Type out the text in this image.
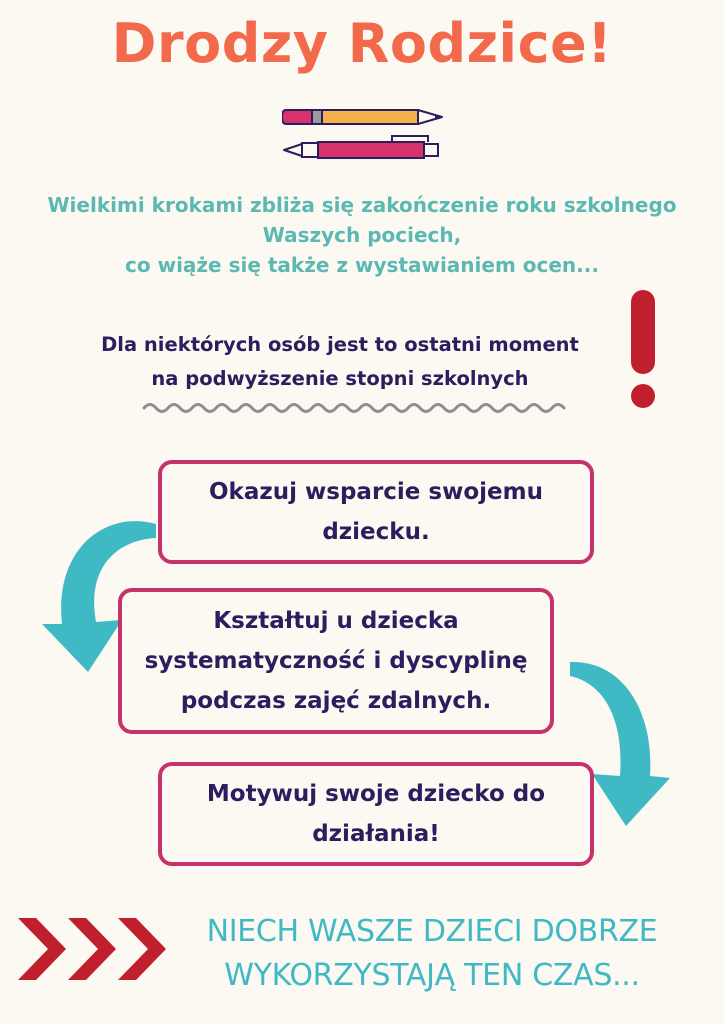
Drodzy Rodzice!

Wielkimi krokami zbliża się zakończenie roku szkolnego
Waszych pociech,
co wiąże się także z wystawianiem ocen...

Dla niektórych osób jest to ostatni moment
na podwyższenie stopni szkolnych

Okazuj wsparcie swojemu
dziecku.
Kształtuj u dziecka
systematyczność i dyscyplinę
podczas zajęć zdalnych.
Motywuj swoje dziecko do
działania!

NIECH WASZE DZIECI DOBRZE
WYKORZYSTAJĄ TEN CZAS...
